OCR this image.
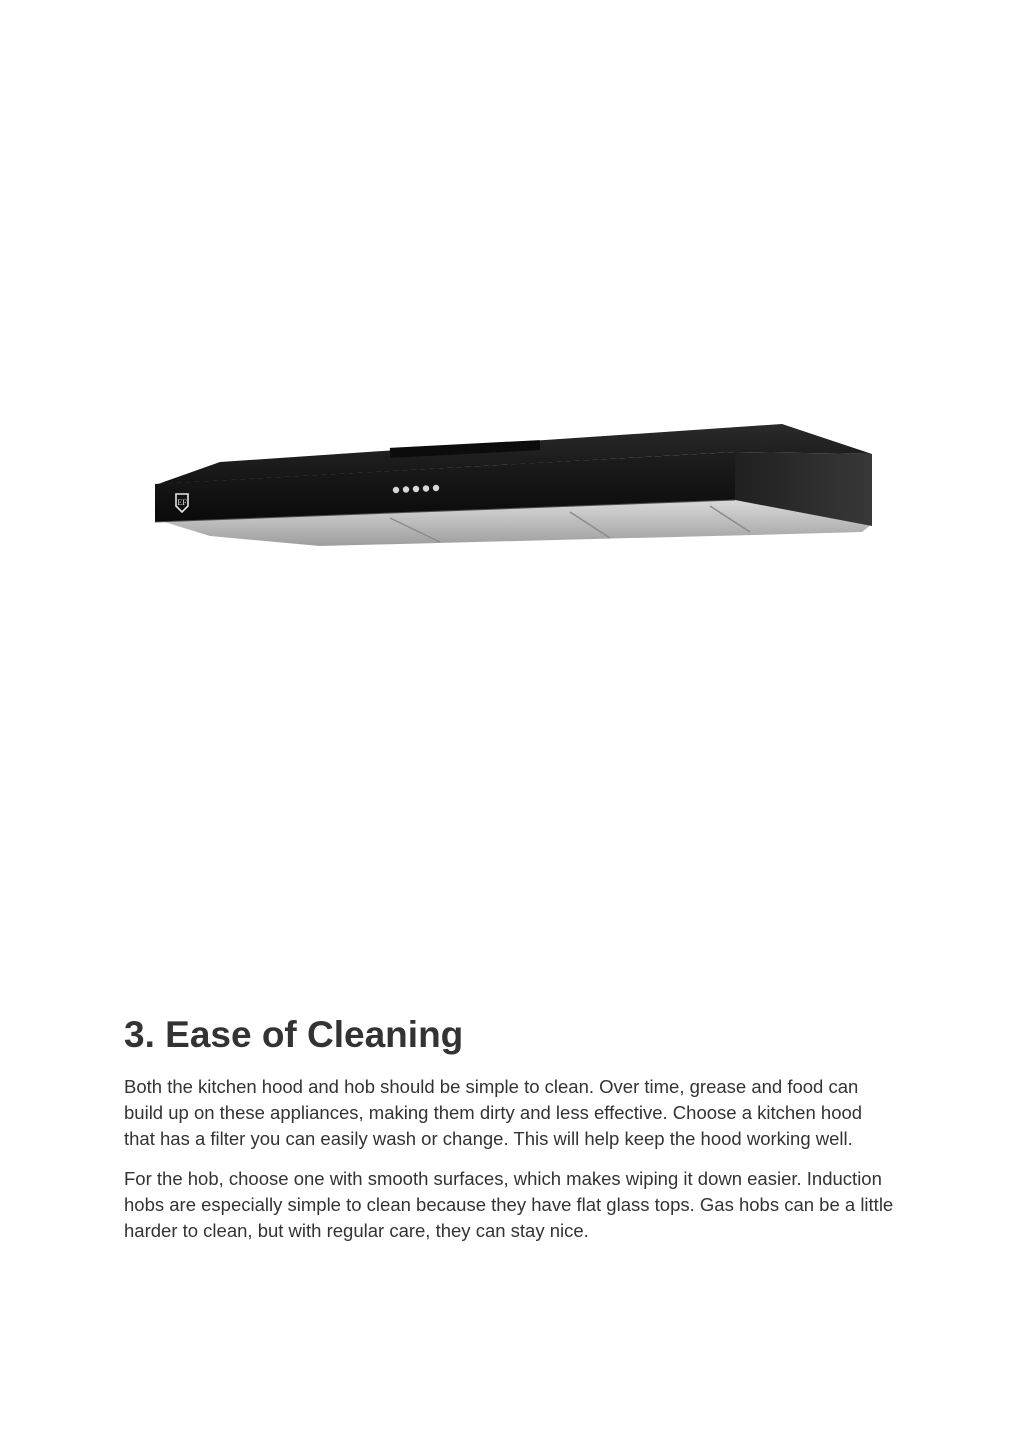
EF
3. Ease of Cleaning

Both the kitchen hood and hob should be simple to clean. Over time, grease and food can build up on these appliances, making them dirty and less effective. Choose a kitchen hood that has a filter you can easily wash or change. This will help keep the hood working well.

For the hob, choose one with smooth surfaces, which makes wiping it down easier. Induction hobs are especially simple to clean because they have flat glass tops. Gas hobs can be a little harder to clean, but with regular care, they can stay nice.
